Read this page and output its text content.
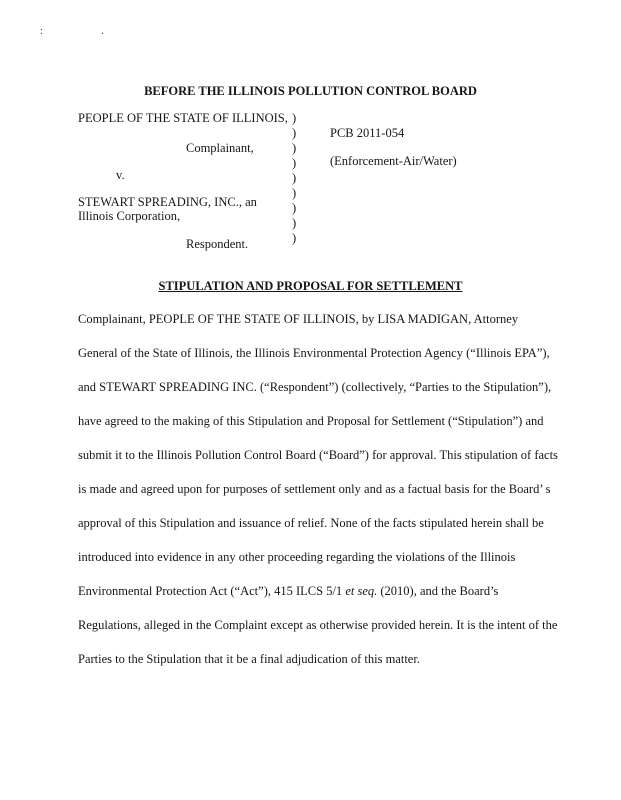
: .
BEFORE THE ILLINOIS POLLUTION CONTROL BOARD
PEOPLE OF THE STATE OF ILLINOIS,
Complainant,
v.
STEWART SPREADING, INC., an
Illinois Corporation,
Respondent.
)
)
)
)
)
)
)
)
)
PCB 2011-054
(Enforcement-Air/Water)
STIPULATION AND PROPOSAL FOR SETTLEMENT
Complainant, PEOPLE OF THE STATE OF ILLINOIS, by LISA MADIGAN, Attorney
General of the State of Illinois, the Illinois Environmental Protection Agency (“Illinois EPA”),
and STEWART SPREADING INC. (“Respondent”) (collectively, “Parties to the Stipulation”),
have agreed to the making of this Stipulation and Proposal for Settlement (“Stipulation”) and
submit it to the Illinois Pollution Control Board (“Board”) for approval. This stipulation of facts
is made and agreed upon for purposes of settlement only and as a factual basis for the Board’ s
approval of this Stipulation and issuance of relief. None of the facts stipulated herein shall be
introduced into evidence in any other proceeding regarding the violations of the Illinois
Environmental Protection Act (“Act”), 415 ILCS 5/1 et seq. (2010), and the Board’s
Regulations, alleged in the Complaint except as otherwise provided herein. It is the intent of the
Parties to the Stipulation that it be a final adjudication of this matter.
